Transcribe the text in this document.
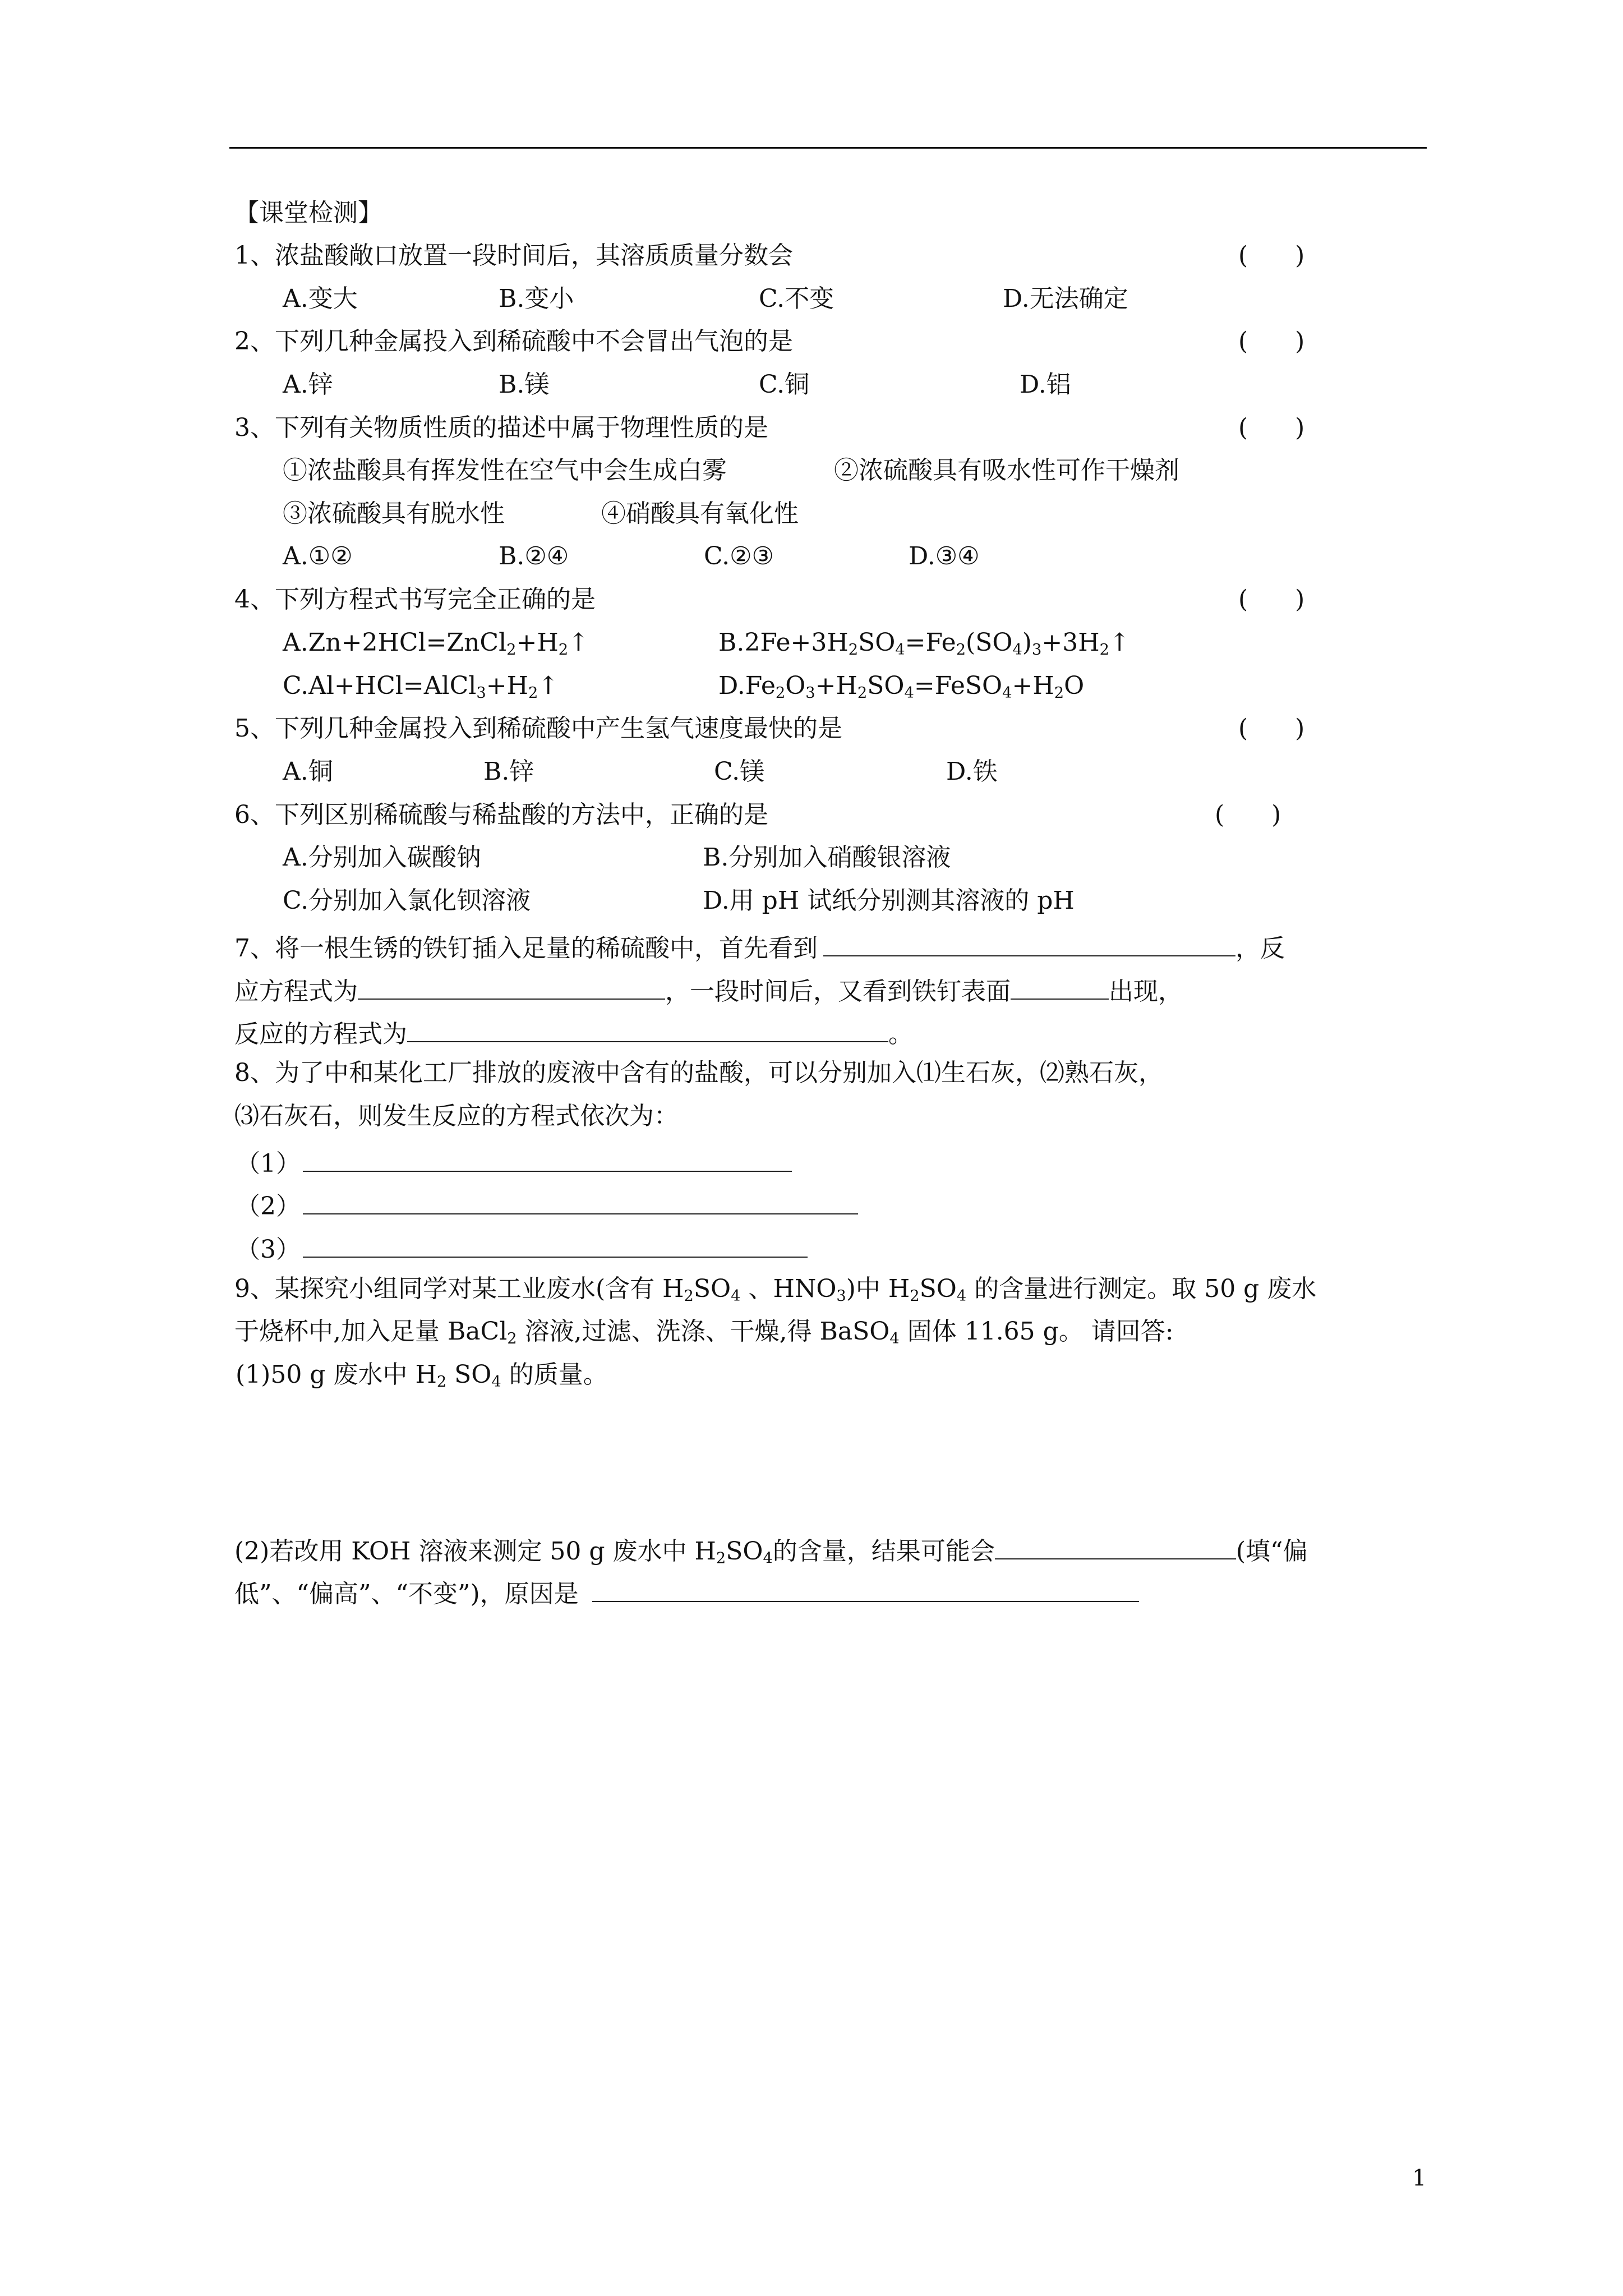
【课堂检测】
1、浓盐酸敞口放置一段时间后，其溶质质量分数会	(      )
A.变大	B.变小	C.不变	D.无法确定
2、下列几种金属投入到稀硫酸中不会冒出气泡的是	(      )
A.锌	B.镁	C.铜	D.铝
3、下列有关物质性质的描述中属于物理性质的是	(      )
①浓盐酸具有挥发性在空气中会生成白雾	②浓硫酸具有吸水性可作干燥剂
③浓硫酸具有脱水性	④硝酸具有氧化性
A.①②	B.②④	C.②③	D.③④
4、下列方程式书写完全正确的是	(      )
$A.Zn+2HCl=ZnCl_2+H_2↑$	$B.2Fe+3H_2SO_4=Fe_2(SO_4)_3+3H_2↑$
$C.Al+HCl=AlCl_3+H_2↑$	$D.Fe_2O_3+H_2SO_4=FeSO_4+H_2O$
5、下列几种金属投入到稀硫酸中产生氢气速度最快的是	(      )
A.铜	B.锌	C.镁	D.铁
6、下列区别稀硫酸与稀盐酸的方法中，正确的是	(      )
A.分别加入碳酸钠	B.分别加入硝酸银溶液
C.分别加入氯化钡溶液	D.用 pH 试纸分别测其溶液的 pH
7、将一根生锈的铁钉插入足量的稀硫酸中，首先看到	，反
应方程式为	，一段时间后，又看到铁钉表面	出现，
反应的方程式为	。
8、为了中和某化工厂排放的废液中含有的盐酸，可以分别加入⑴生石灰，⑵熟石灰，
⑶石灰石，则发生反应的方程式依次为：
（1）
（2）
（3）
9、某探究小组同学对某工业废水(含有 $H_2SO_4$ 、$HNO_3$)中 $H_2SO_4$ 的含量进行测定。取 50 g 废水
于烧杯中,加入足量 BaCl$_2$ 溶液,过滤、洗涤、干燥,得 BaSO$_4$ 固体 11.65 g。 请回答:
(1)50 g 废水中 $H_2$ $SO_4$ 的质量。
(2)若改用 KOH 溶液来测定 50 g 废水中 $H_2SO_4$的含量，结果可能会	(填“偏
低”、“偏高”、“不变”)，原因是
1
